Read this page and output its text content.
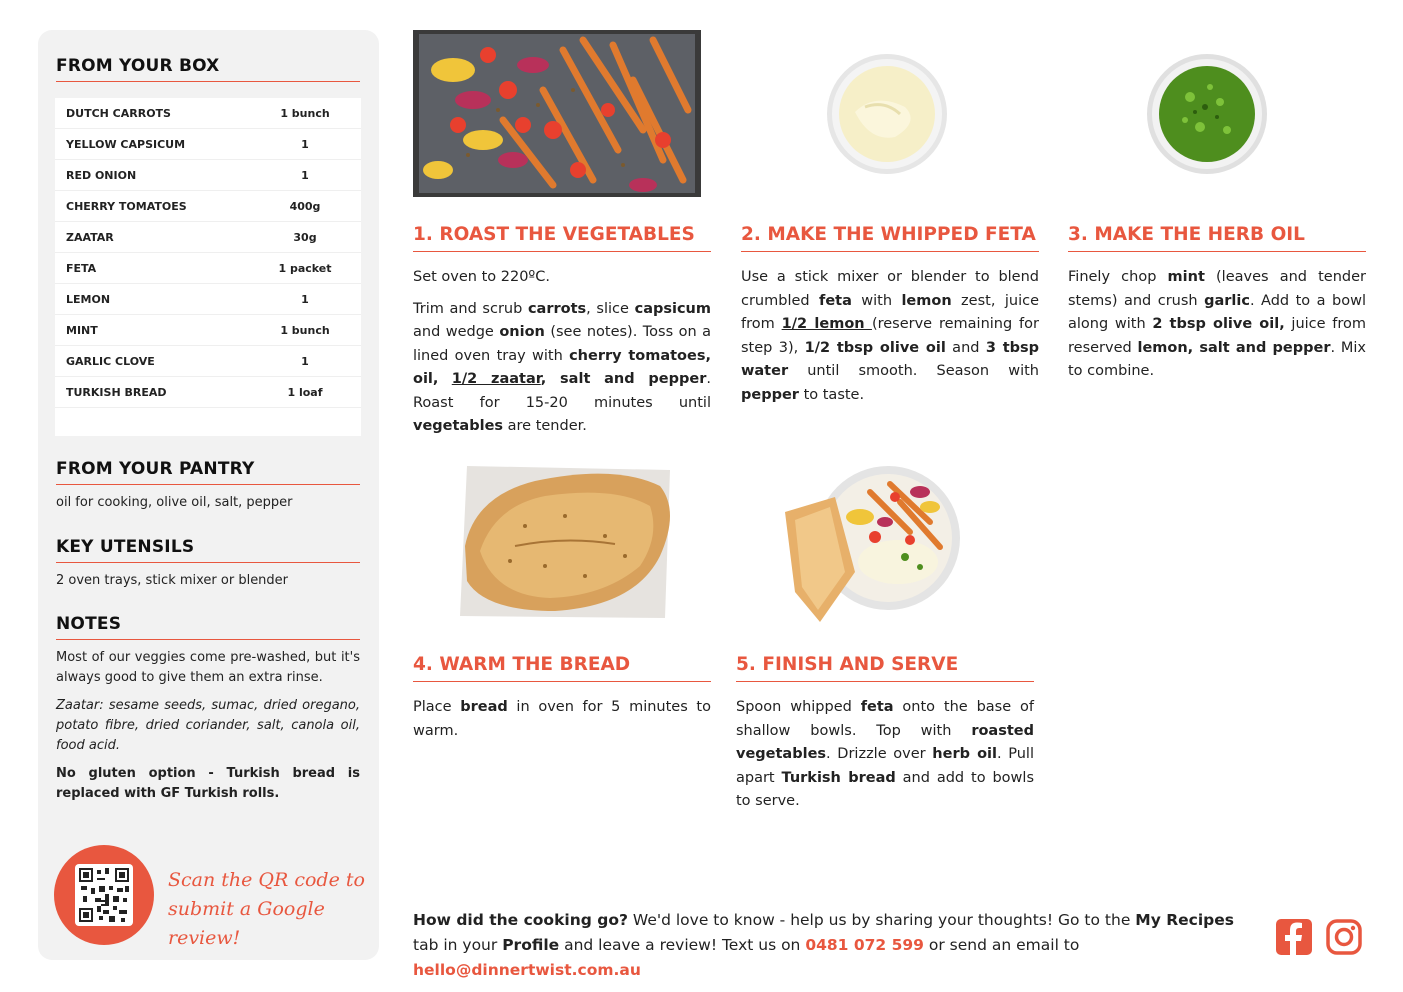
FROM YOUR BOX
DUTCH CARROTS	1 bunch
YELLOW CAPSICUM	1
RED ONION	1
CHERRY TOMATOES	400g
ZAATAR	30g
FETA	1 packet
LEMON	1
MINT	1 bunch
GARLIC CLOVE	1
TURKISH BREAD	1 loaf
FROM YOUR PANTRY
oil for cooking, olive oil, salt, pepper
KEY UTENSILS
2 oven trays, stick mixer or blender
NOTES

Most of our veggies come pre-washed, but it's always good to give them an extra rinse.

Zaatar: sesame seeds, sumac, dried oregano, potato fibre, dried coriander, salt, canola oil, food acid.

No gluten option - Turkish bread is replaced with GF Turkish rolls.

Scan the QR code to
submit a Google review!
1. ROAST THE VEGETABLES	2. MAKE THE WHIPPED FETA 3. MAKE THE HERB OIL
4. WARM THE BREAD	5. FINISH AND SERVE

Set oven to 220ºC.

Trim and scrub carrots, slice capsicum and wedge onion (see notes). Toss on a lined oven tray with cherry tomatoes, oil, 1/2 zaatar, salt and pepper. Roast for 15-20 minutes until vegetables are tender.

Use a stick mixer or blender to blend crumbled feta with lemon zest, juice from 1/2 lemon (reserve remaining for step 3), 1/2 tbsp olive oil and 3 tbsp water until smooth. Season with pepper to taste.

Finely chop mint (leaves and tender stems) and crush garlic. Add to a bowl along with 2 tbsp olive oil, juice from reserved lemon, salt and pepper. Mix to combine.

Place bread in oven for 5 minutes to warm.

Spoon whipped feta onto the base of shallow bowls. Top with roasted vegetables. Drizzle over herb oil. Pull apart Turkish bread and add to bowls to serve.

How did the cooking go? We'd love to know - help us by sharing your thoughts! Go to the My Recipes tab in your Profile and leave a review! Text us on 0481 072 599 or send an email to hello@dinnertwist.com.au
